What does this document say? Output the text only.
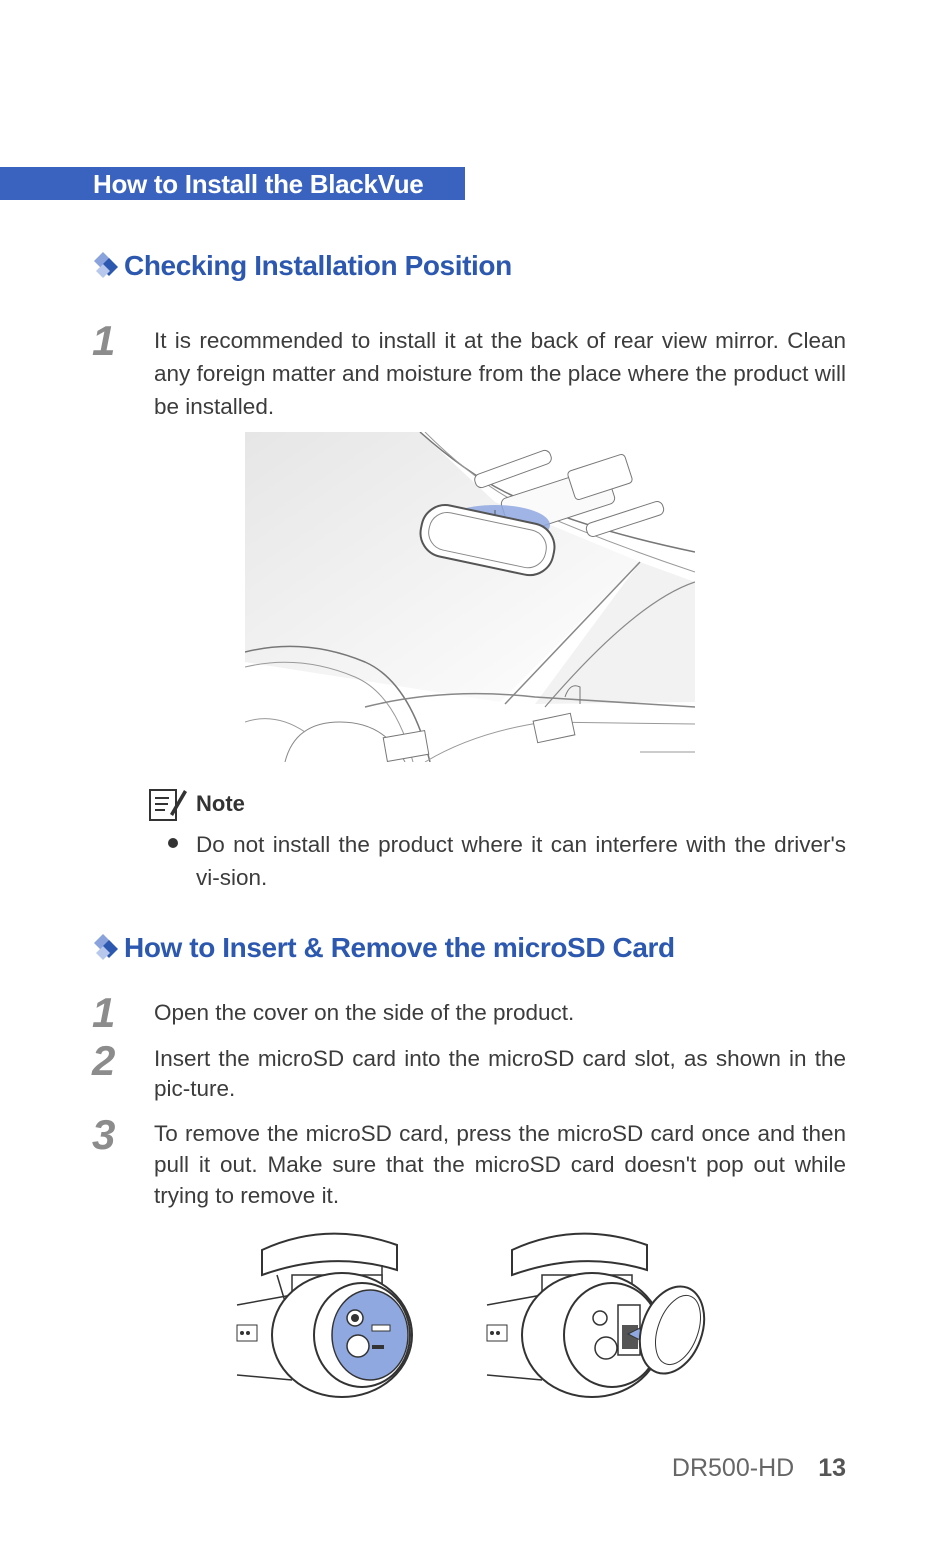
How to Install the BlackVue
Checking Installation Position
1 It is recommended to install it at the back of rear view mirror. Clean any foreign matter and moisture from the place where the product will be installed.
Note
Do not install the product where it can interfere with the driver's vi-sion.
How to Insert & Remove the microSD Card
1 Open the cover on the side of the product.
2 Insert the microSD card into the microSD card slot, as shown in the pic-ture.
3 To remove the microSD card, press the microSD card once and then pull it out. Make sure that the microSD card doesn't pop out while trying to remove it.
DR500-HD 13
